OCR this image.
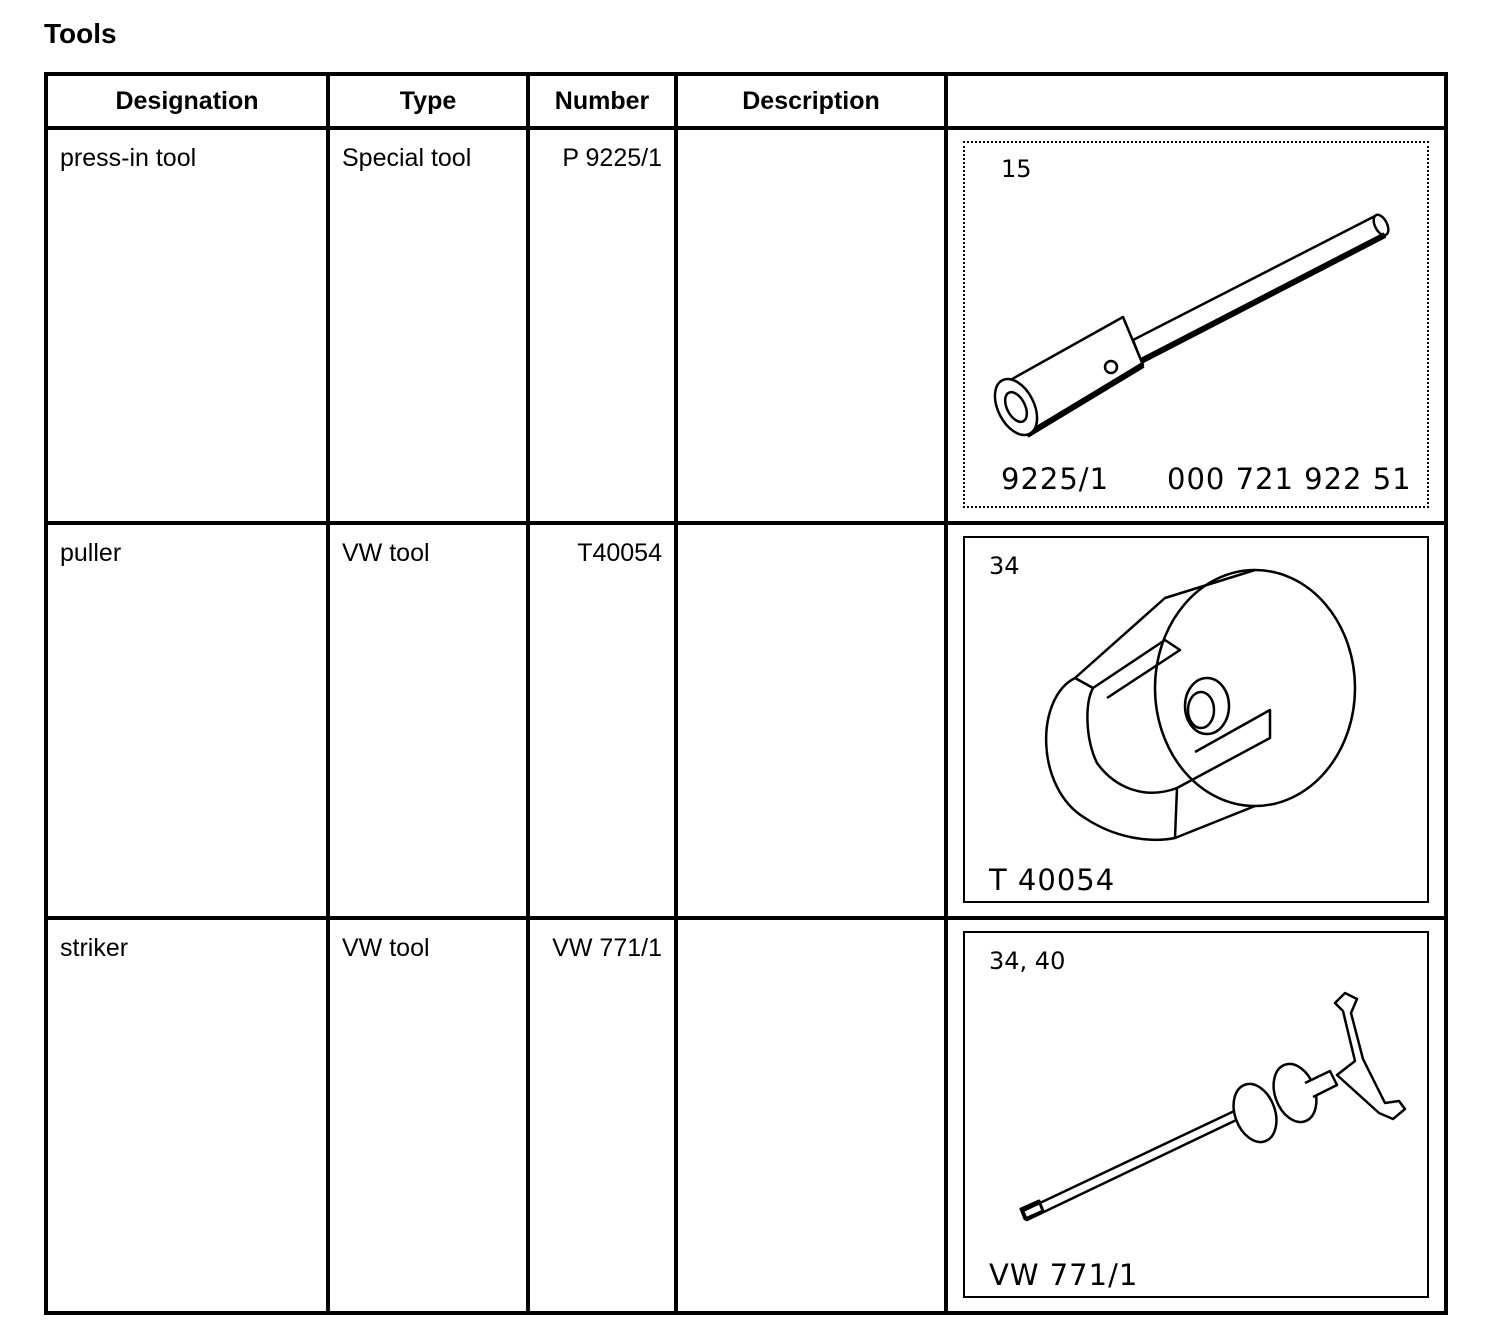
Tools
Designation	Type	Number	Description	

press-in tool	Special tool	P 9225/1		15
9225/1 000 721 922 51

puller	VW tool	T40054		34
T 40054

striker	VW tool	VW 771/1		34, 40
VW 771/1
